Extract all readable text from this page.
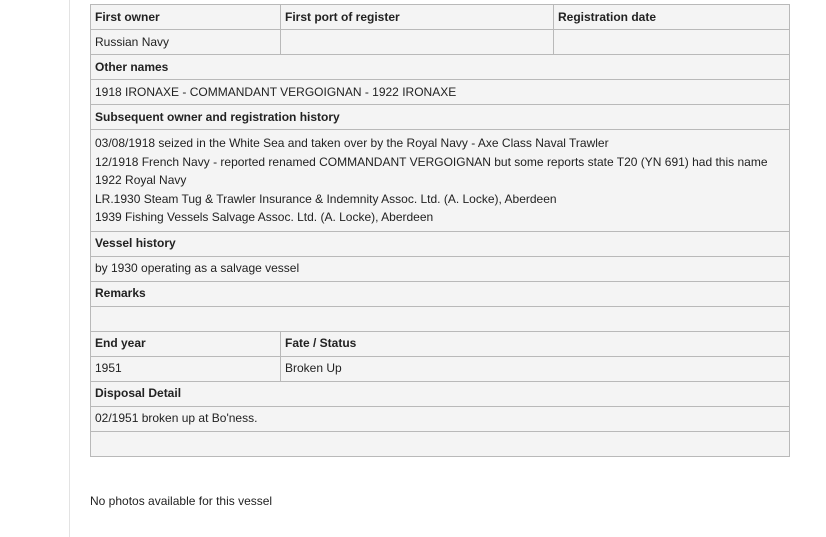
First owner	First port of register	Registration date
Russian Navy		
Other names		
1918 IRONAXE - COMMANDANT VERGOIGNAN - 1922 IRONAXE		
Subsequent owner and registration history		

03/08/1918 seized in the White Sea and taken over by the Royal Navy - Axe Class Naval Trawler
12/1918 French Navy - reported renamed COMMANDANT VERGOIGNAN but some reports state T20 (YN 691) had this name
1922 Royal Navy
LR.1930 Steam Tug & Trawler Insurance & Indemnity Assoc. Ltd. (A. Locke), Aberdeen
1939 Fishing Vessels Salvage Assoc. Ltd. (A. Locke), Aberdeen		

Vessel history		
by 1930 operating as a salvage vessel		
Remarks		

End year	Fate / Status	
1951	Broken Up	
Disposal Detail		
02/1951 broken up at Bo'ness.		

No photos available for this vessel
